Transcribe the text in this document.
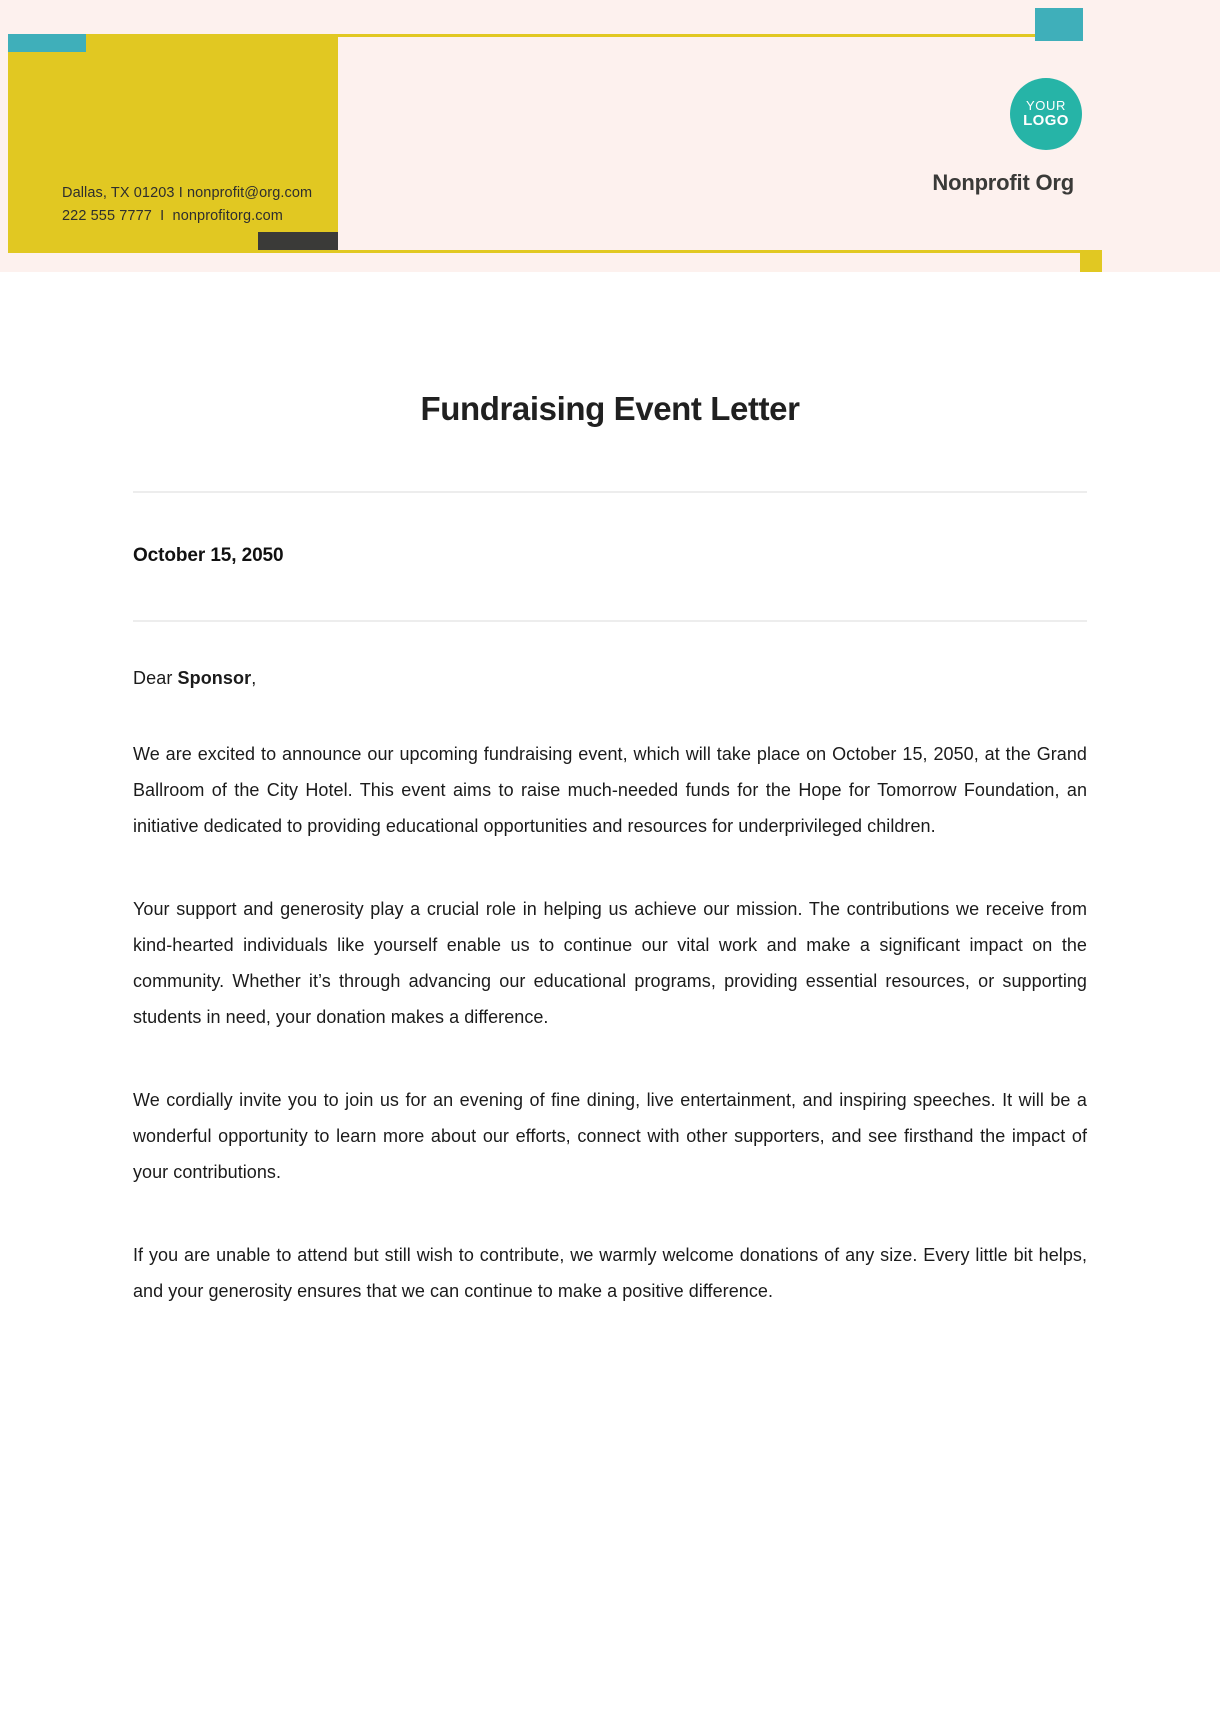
Dallas, TX 01203 I nonprofit@org.com
222 555 7777  I  nonprofitorg.com
YOUR
LOGO
Nonprofit Org
Fundraising Event Letter
October 15, 2050

Dear Sponsor,

We are excited to announce our upcoming fundraising event, which will take place on October 15, 2050, at the Grand Ballroom of the City Hotel. This event aims to raise much-needed funds for the Hope for Tomorrow Foundation, an initiative dedicated to providing educational opportunities and resources for underprivileged children.

Your support and generosity play a crucial role in helping us achieve our mission. The contributions we receive from kind-hearted individuals like yourself enable us to continue our vital work and make a significant impact on the community. Whether it’s through advancing our educational programs, providing essential resources, or supporting students in need, your donation makes a difference.

We cordially invite you to join us for an evening of fine dining, live entertainment, and inspiring speeches. It will be a wonderful opportunity to learn more about our efforts, connect with other supporters, and see firsthand the impact of your contributions.

If you are unable to attend but still wish to contribute, we warmly welcome donations of any size. Every little bit helps, and your generosity ensures that we can continue to make a positive difference.
